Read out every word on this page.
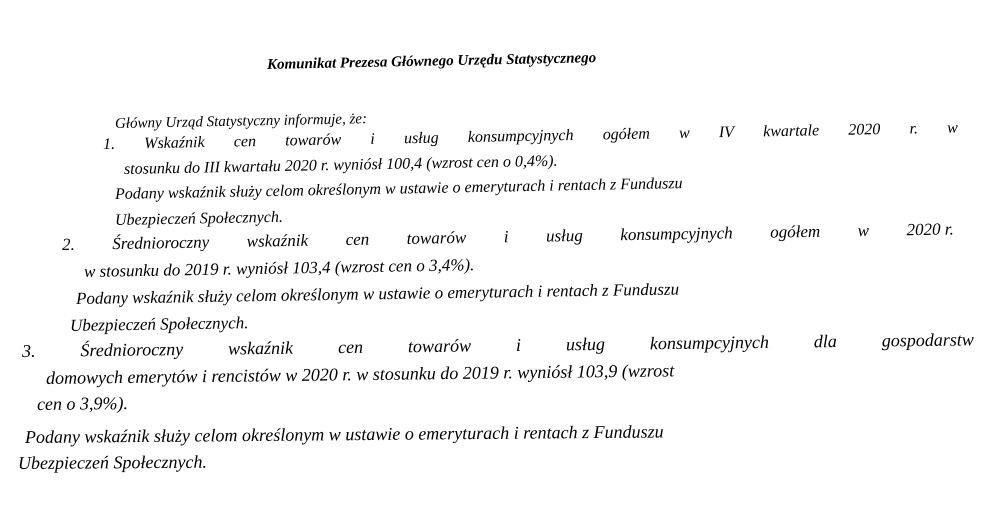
Komunikat Prezesa Głównego Urzędu Statystycznego
Główny Urząd Statystyczny informuje, że:
1. Wskaźnik cen towarów i usług konsumpcyjnych ogółem w IV kwartale 2020 r. w
stosunku do III kwartału 2020 r. wyniósł 100,4 (wzrost cen o 0,4%).
Podany wskaźnik służy celom określonym w ustawie o emeryturach i rentach z Funduszu
Ubezpieczeń Społecznych.
2. Średnioroczny wskaźnik cen towarów i usług konsumpcyjnych ogółem w 2020 r.
w stosunku do 2019 r. wyniósł 103,4 (wzrost cen o 3,4%).
Podany wskaźnik służy celom określonym w ustawie o emeryturach i rentach z Funduszu
Ubezpieczeń Społecznych.
3. Średnioroczny wskaźnik cen towarów i usług konsumpcyjnych dla gospodarstw
domowych emerytów i rencistów w 2020 r. w stosunku do 2019 r. wyniósł 103,9 (wzrost
cen o 3,9%).
Podany wskaźnik służy celom określonym w ustawie o emeryturach i rentach z Funduszu
Ubezpieczeń Społecznych.
